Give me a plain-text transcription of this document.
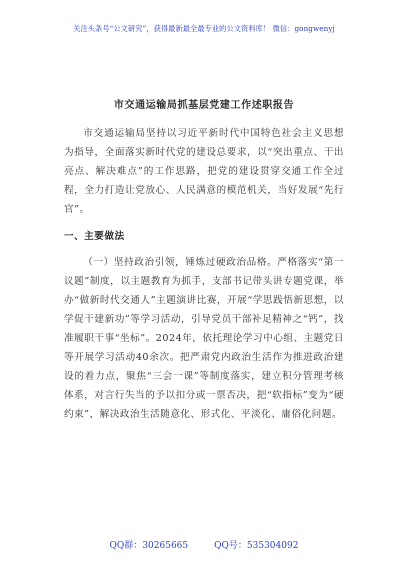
关注头条号“公文研究”，获得最新最全最专业的公文资料库！ 微信：gongwenyj
市交通运输局抓基层党建工作述职报告

市交通运输局坚持以习近平新时代中国特色社会主义思想为指导，全面落实新时代党的建设总要求，以“突出重点、干出亮点、解决难点”的工作思路，把党的建设贯穿交通工作全过程，全力打造让党放心、人民满意的模范机关，当好发展“先行官”。

一、主要做法

（一）坚持政治引领，锤炼过硬政治品格。严格落实“第一议题”制度，以主题教育为抓手，支部书记带头讲专题党课，举办“做新时代交通人”主题演讲比赛，开展“学思践悟新思想，以学促干建新功”等学习活动，引导党员干部补足精神之“钙”，找准履职干事“坐标”。2024年，依托理论学习中心组、主题党日等开展学习活动40余次。把严肃党内政治生活作为推进政治建设的着力点，聚焦“三会一课”等制度落实，建立积分管理考核体系，对言行失当的予以扣分或一票否决，把“软指标”变为“硬约束”，解决政治生活随意化、形式化、平淡化、庸俗化问题。

QQ群：30265665	QQ号：535304092
